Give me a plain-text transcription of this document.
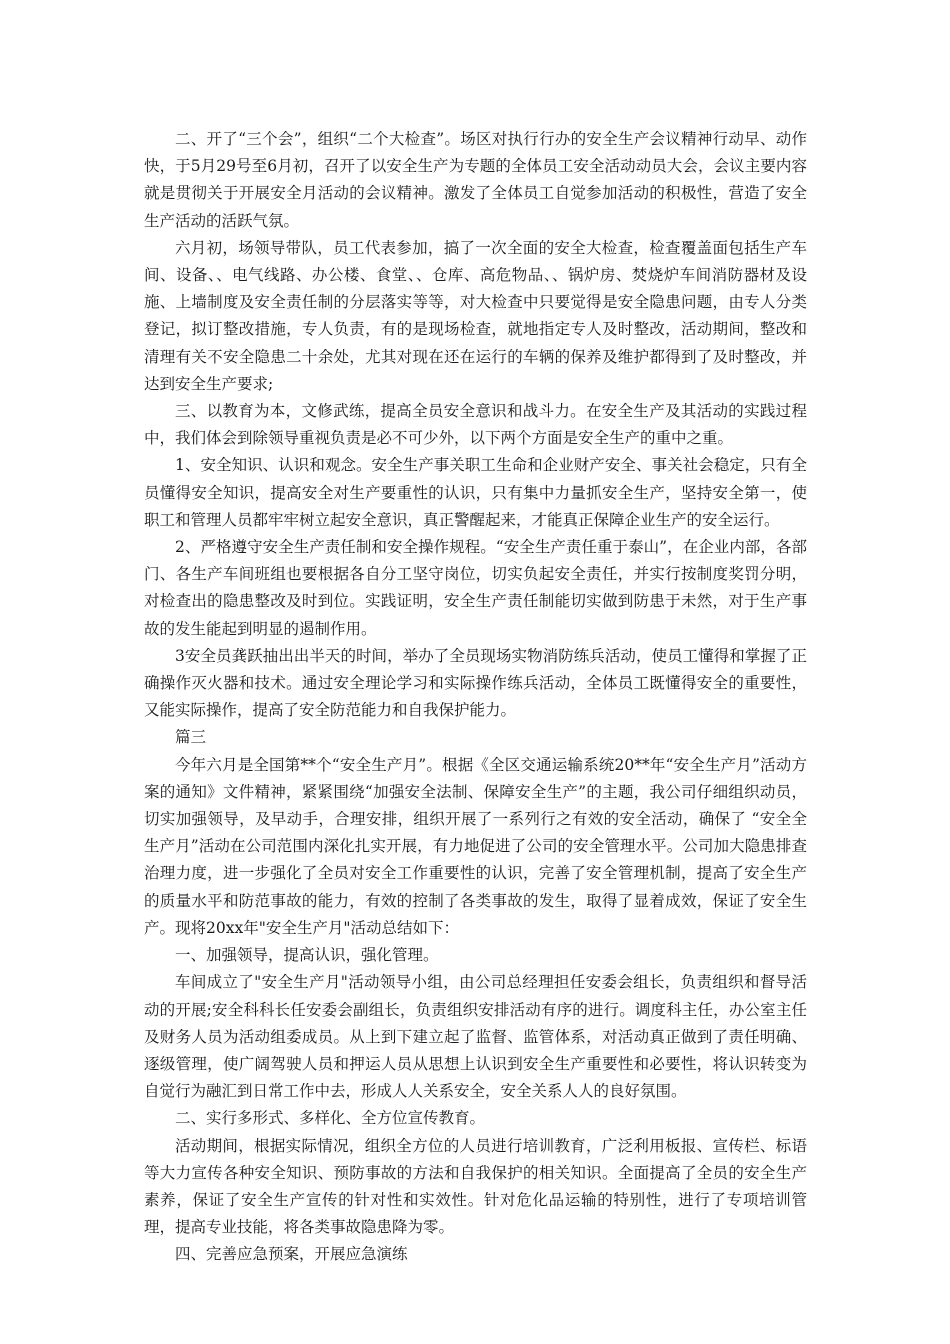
二、开了“三个会”，组织“二个大检查”。场区对执行行办的安全生产会议精神行动早、动作快，于5月29号至6月初，召开了以安全生产为专题的全体员工安全活动动员大会，会议主要内容就是贯彻关于开展安全月活动的会议精神。激发了全体员工自觉参加活动的积极性，营造了安全生产活动的活跃气氛。

六月初，场领导带队，员工代表参加，搞了一次全面的安全大检查，检查覆盖面包括生产车间、设备、、电气线路、办公楼、食堂、、仓库、高危物品、、锅炉房、焚烧炉车间消防器材及设施、上墙制度及安全责任制的分层落实等等，对大检查中只要觉得是安全隐患问题，由专人分类登记，拟订整改措施，专人负责，有的是现场检查，就地指定专人及时整改，活动期间，整改和清理有关不安全隐患二十余处，尤其对现在还在运行的车辆的保养及维护都得到了及时整改，并达到安全生产要求;

三、以教育为本，文修武练，提高全员安全意识和战斗力。在安全生产及其活动的实践过程中，我们体会到除领导重视负责是必不可少外，以下两个方面是安全生产的重中之重。

1、安全知识、认识和观念。安全生产事关职工生命和企业财产安全、事关社会稳定，只有全员懂得安全知识，提高安全对生产要重性的认识，只有集中力量抓安全生产，坚持安全第一，使职工和管理人员都牢牢树立起安全意识，真正警醒起来，才能真正保障企业生产的安全运行。

2、严格遵守安全生产责任制和安全操作规程。“安全生产责任重于泰山”，在企业内部，各部门、各生产车间班组也要根据各自分工坚守岗位，切实负起安全责任，并实行按制度奖罚分明，对检查出的隐患整改及时到位。实践证明，安全生产责任制能切实做到防患于未然，对于生产事故的发生能起到明显的遏制作用。

3安全员龚跃抽出出半天的时间，举办了全员现场实物消防练兵活动，使员工懂得和掌握了正确操作灭火器和技术。通过安全理论学习和实际操作练兵活动，全体员工既懂得安全的重要性，又能实际操作，提高了安全防范能力和自我保护能力。

篇三

今年六月是全国第**个“安全生产月”。根据《全区交通运输系统20**年“安全生产月”活动方案的通知》文件精神，紧紧围绕“加强安全法制、保障安全生产”的主题，我公司仔细组织动员，切实加强领导，及早动手，合理安排，组织开展了一系列行之有效的安全活动，确保了 “安全全生产月”活动在公司范围内深化扎实开展，有力地促进了公司的安全管理水平。公司加大隐患排查治理力度，进一步强化了全员对安全工作重要性的认识，完善了安全管理机制，提高了安全生产的质量水平和防范事故的能力，有效的控制了各类事故的发生，取得了显着成效，保证了安全生产。现将20xx年"安全生产月"活动总结如下：

一、加强领导，提高认识，强化管理。

车间成立了"安全生产月"活动领导小组，由公司总经理担任安委会组长，负责组织和督导活动的开展;安全科科长任安委会副组长，负责组织安排活动有序的进行。调度科主任，办公室主任及财务人员为活动组委成员。从上到下建立起了监督、监管体系，对活动真正做到了责任明确、逐级管理，使广阔驾驶人员和押运人员从思想上认识到安全生产重要性和必要性，将认识转变为自觉行为融汇到日常工作中去，形成人人关系安全，安全关系人人的良好氛围。

二、实行多形式、多样化、全方位宣传教育。

活动期间，根据实际情况，组织全方位的人员进行培训教育，广泛利用板报、宣传栏、标语等大力宣传各种安全知识、预防事故的方法和自我保护的相关知识。全面提高了全员的安全生产素养，保证了安全生产宣传的针对性和实效性。针对危化品运输的特别性，进行了专项培训管理，提高专业技能，将各类事故隐患降为零。

四、完善应急预案，开展应急演练
